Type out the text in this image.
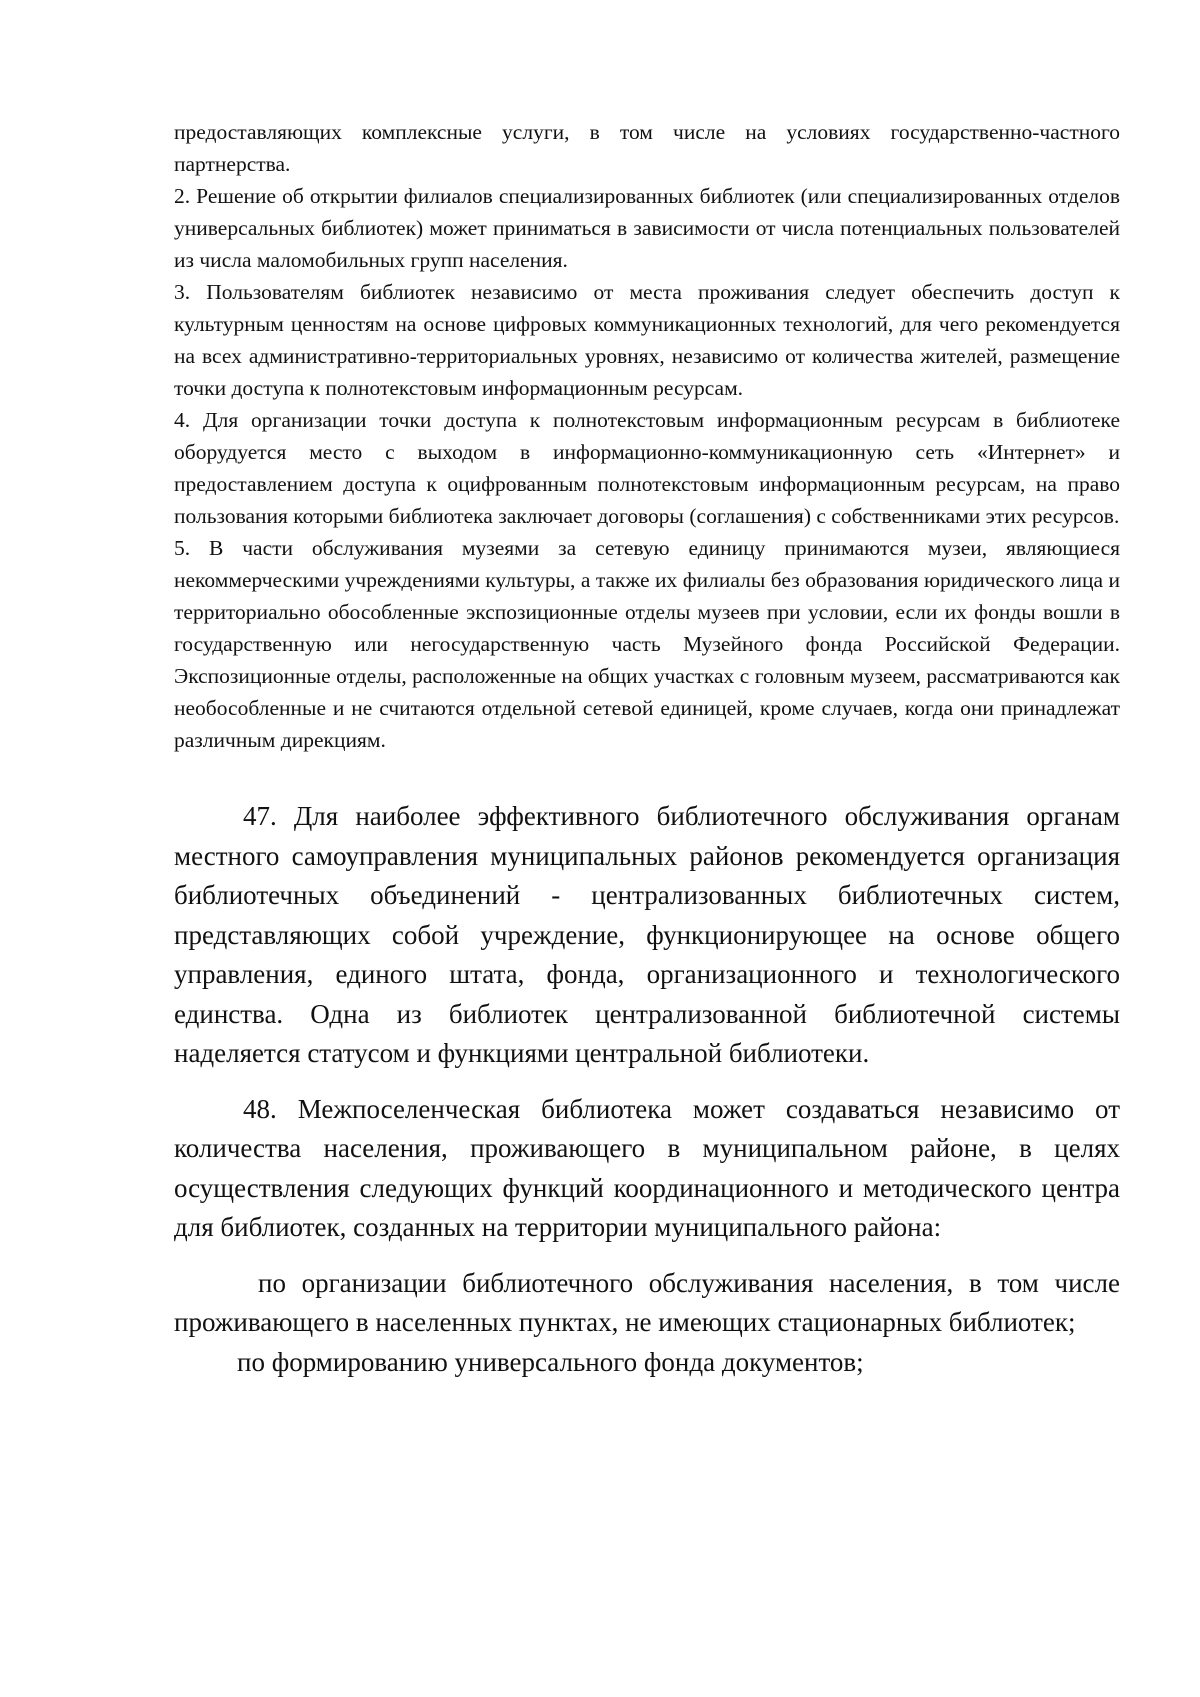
предоставляющих комплексные услуги, в том числе на условиях государственно-частного партнерства.

2. Решение об открытии филиалов специализированных библиотек (или специализированных отделов универсальных библиотек) может приниматься в зависимости от числа потенциальных пользователей из числа маломобильных групп населения.

3. Пользователям библиотек независимо от места проживания следует обеспечить доступ к культурным ценностям на основе цифровых коммуникационных технологий, для чего рекомендуется на всех административно-территориальных уровнях, независимо от количества жителей, размещение точки доступа к полнотекстовым информационным ресурсам.

4. Для организации точки доступа к полнотекстовым информационным ресурсам в библиотеке оборудуется место с выходом в информационно-коммуникационную сеть «Интернет» и предоставлением доступа к оцифрованным полнотекстовым информационным ресурсам, на право пользования которыми библиотека заключает договоры (соглашения) с собственниками этих ресурсов.

5. В части обслуживания музеями за сетевую единицу принимаются музеи, являющиеся некоммерческими учреждениями культуры, а также их филиалы без образования юридического лица и территориально обособленные экспозиционные отделы музеев при условии, если их фонды вошли в государственную или негосударственную часть Музейного фонда Российской Федерации. Экспозиционные отделы, расположенные на общих участках с головным музеем, рассматриваются как необособленные и не считаются отдельной сетевой единицей, кроме случаев, когда они принадлежат различным дирекциям.

47. Для наиболее эффективного библиотечного обслуживания органам местного самоуправления муниципальных районов рекомендуется организация библиотечных объединений - централизованных библиотечных систем, представляющих собой учреждение, функционирующее на основе общего управления, единого штата, фонда, организационного и технологического единства. Одна из библиотек централизованной библиотечной системы наделяется статусом и функциями центральной библиотеки.

48. Межпоселенческая библиотека может создаваться независимо от количества населения, проживающего в муниципальном районе, в целях осуществления следующих функций координационного и методического центра для библиотек, созданных на территории муниципального района:

по организации библиотечного обслуживания населения, в том числе проживающего в населенных пунктах, не имеющих стационарных библиотек;

по формированию универсального фонда документов;
